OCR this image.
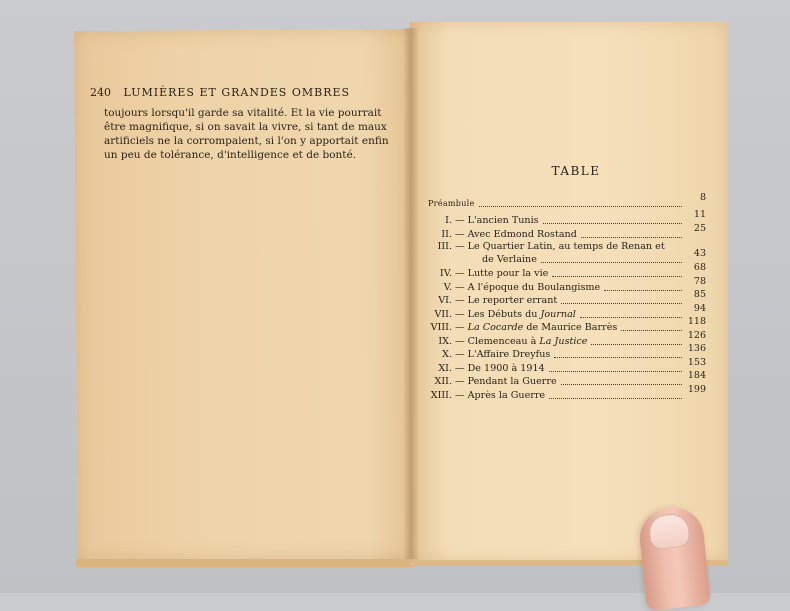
240 LUMIÈRES ET GRANDES OMBRES

toujours lorsqu'il garde sa vitalité. Et la vie pourrait

être magnifique, si on savait la vivre, si tant de maux

artificiels ne la corrompaient, si l'on y apportait enfin

un peu de tolérance, d'intelligence et de bonté.

TABLE
Préambule
8
I. — L'ancien Tunis
11
II. — Avec Edmond Rostand
25
III. — Le Quartier Latin, au temps de Renan et
de Verlaine
43
IV. — Lutte pour la vie
68
V. — A l'époque du Boulangisme
78
VI. — Le reporter errant
85
VII. — Les Débuts du Journal
94
VIII. — La Cocarde de Maurice Barrès
118
IX. — Clemenceau à La Justice
126
X. — L'Affaire Dreyfus
136
XI. — De 1900 à 1914
153
XII. — Pendant la Guerre
184
XIII. — Après la Guerre
199
